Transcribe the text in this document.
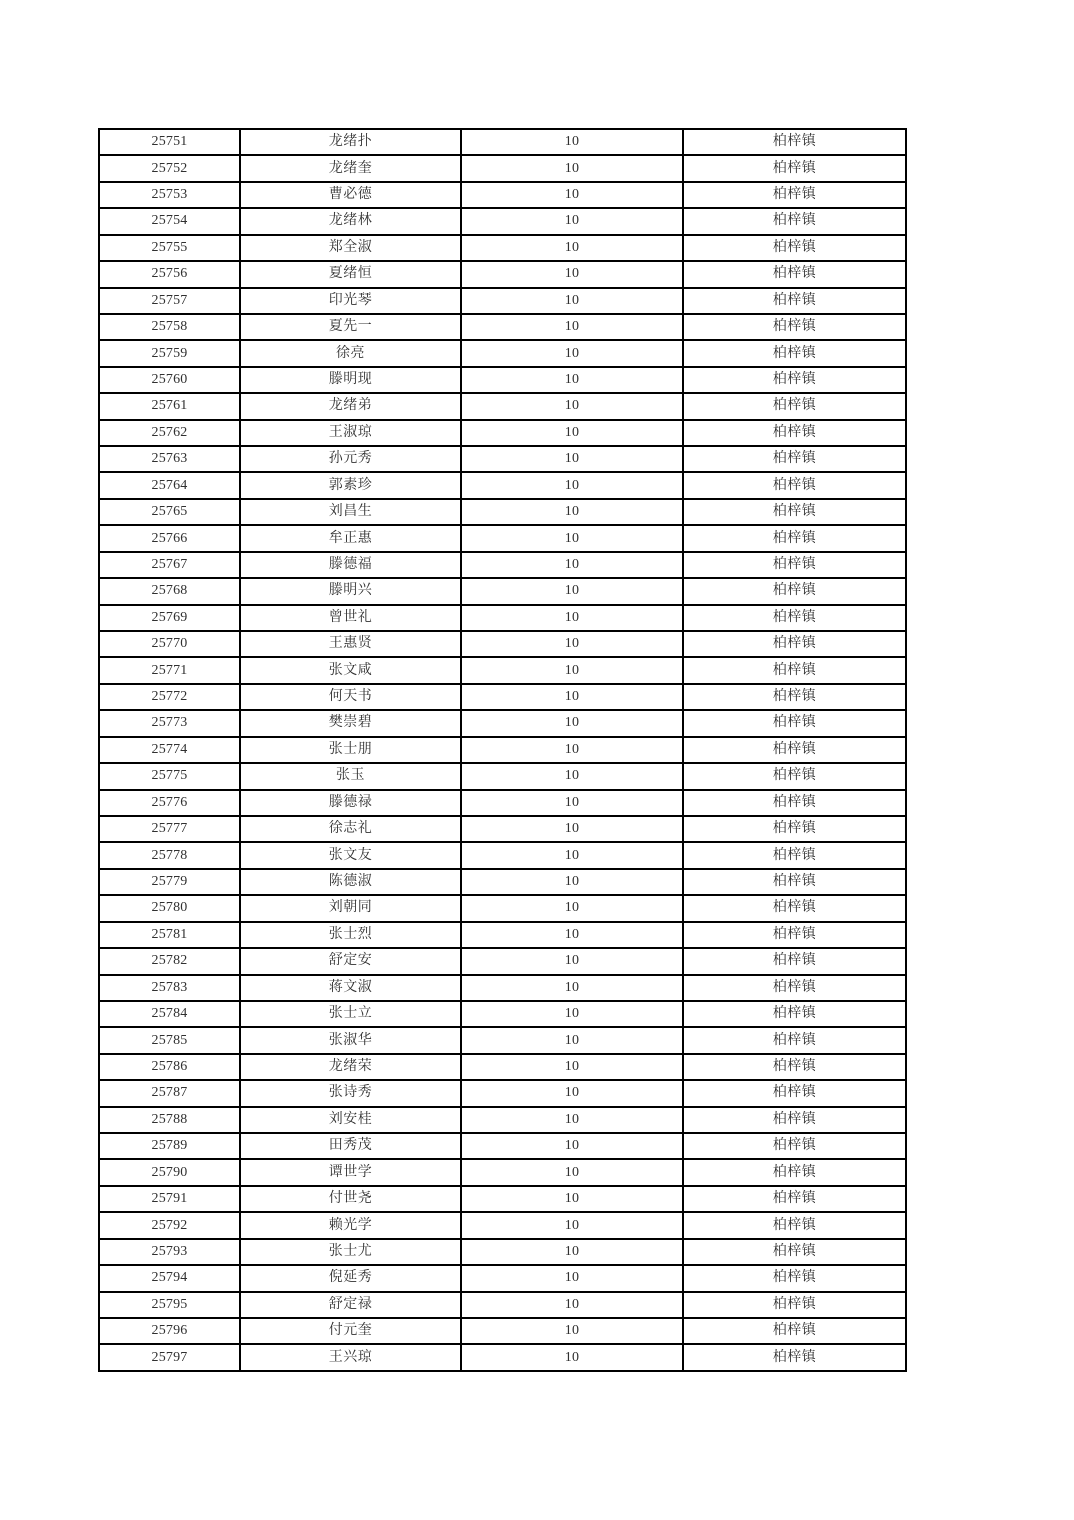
25751	龙绪扑	10	柏梓镇
25752	龙绪奎	10	柏梓镇
25753	曹必德	10	柏梓镇
25754	龙绪林	10	柏梓镇
25755	郑全淑	10	柏梓镇
25756	夏绪恒	10	柏梓镇
25757	印光琴	10	柏梓镇
25758	夏先一	10	柏梓镇
25759	徐亮	10	柏梓镇
25760	滕明现	10	柏梓镇
25761	龙绪弟	10	柏梓镇
25762	王淑琼	10	柏梓镇
25763	孙元秀	10	柏梓镇
25764	郭素珍	10	柏梓镇
25765	刘昌生	10	柏梓镇
25766	牟正惠	10	柏梓镇
25767	滕德福	10	柏梓镇
25768	滕明兴	10	柏梓镇
25769	曾世礼	10	柏梓镇
25770	王惠贤	10	柏梓镇
25771	张文咸	10	柏梓镇
25772	何天书	10	柏梓镇
25773	樊崇碧	10	柏梓镇
25774	张士朋	10	柏梓镇
25775	张玉	10	柏梓镇
25776	滕德禄	10	柏梓镇
25777	徐志礼	10	柏梓镇
25778	张文友	10	柏梓镇
25779	陈德淑	10	柏梓镇
25780	刘朝同	10	柏梓镇
25781	张士烈	10	柏梓镇
25782	舒定安	10	柏梓镇
25783	蒋文淑	10	柏梓镇
25784	张士立	10	柏梓镇
25785	张淑华	10	柏梓镇
25786	龙绪荣	10	柏梓镇
25787	张诗秀	10	柏梓镇
25788	刘安桂	10	柏梓镇
25789	田秀茂	10	柏梓镇
25790	谭世学	10	柏梓镇
25791	付世尧	10	柏梓镇
25792	赖光学	10	柏梓镇
25793	张士尤	10	柏梓镇
25794	倪延秀	10	柏梓镇
25795	舒定禄	10	柏梓镇
25796	付元奎	10	柏梓镇
25797	王兴琼	10	柏梓镇
